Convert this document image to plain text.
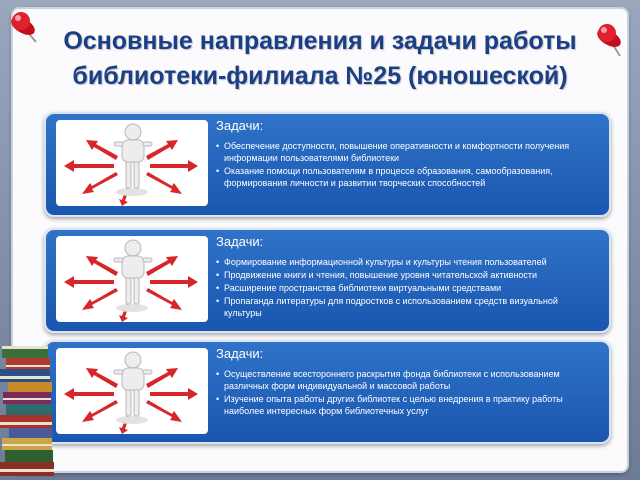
Основные направления и задачи работы
библиотеки-филиала №25 (юношеской)
Задачи:
• Обеспечение доступности, повышение оперативности и комфортности получения информации пользователями библиотеки
• Оказание помощи пользователям в процессе образования, самообразования, формирования личности и развитии творческих способностей
Задачи:
• Формирование информационной культуры и культуры чтения пользователей
• Продвижение книги и чтения, повышение уровня читательской активности
• Расширение пространства библиотеки виртуальными средствами
• Пропаганда литературы для подростков с использованием средств визуальной культуры
Задачи:
• Осуществление всестороннего раскрытия фонда библиотеки с использованием различных форм индивидуальной и массовой работы
• Изучение опыта работы других библиотек с целью внедрения в практику работы наиболее интересных форм библиотечных услуг
